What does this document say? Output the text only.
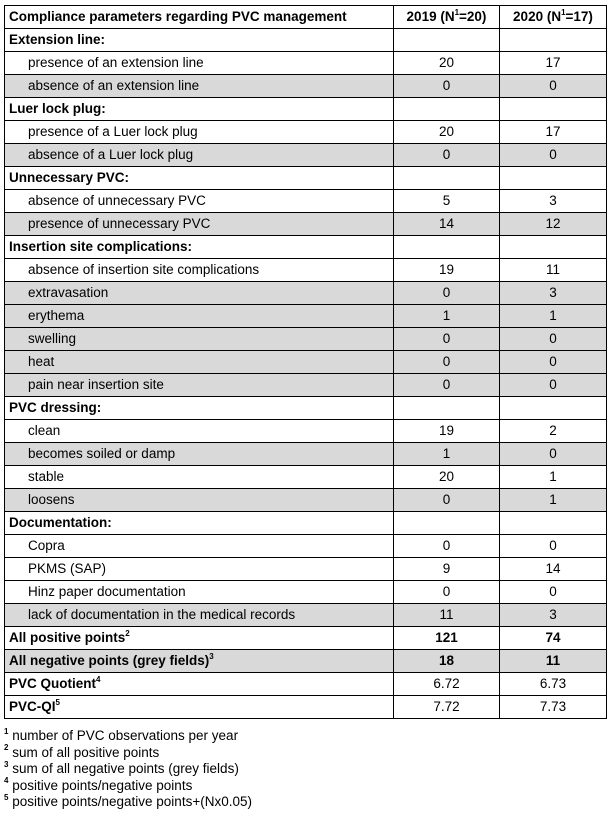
Compliance parameters regarding PVC management	2019 $(N^1=20)$	2020 $(N^1=17)$
Extension line:		
presence of an extension line	20	17
absence of an extension line	0	0
Luer lock plug:		
presence of a Luer lock plug	20	17
absence of a Luer lock plug	0	0
Unnecessary PVC:		
absence of unnecessary PVC	5	3
presence of unnecessary PVC	14	12
Insertion site complications:		
absence of insertion site complications	19	11
extravasation	0	3
erythema	1	1
swelling	0	0
heat	0	0
pain near insertion site	0	0
PVC dressing:		
clean	19	2
becomes soiled or damp	1	0
stable	20	1
loosens	0	1
Documentation:		
Copra	0	0
PKMS (SAP)	9	14
Hinz paper documentation	0	0
lack of documentation in the medical records	11	3
All positive points$^2$	121	74
All negative points (grey fields)$^3$	18	11
PVC Quotient$^4$	6.72	6.73
PVC-$QI^5$	7.72	7.73
$^1$ number of PVC observations per year
$^2$ sum of all positive points
$^3$ sum of all negative points (grey fields)
$^4$ positive points/negative points
$^5$ positive points/negative points+(Nx0.05)
